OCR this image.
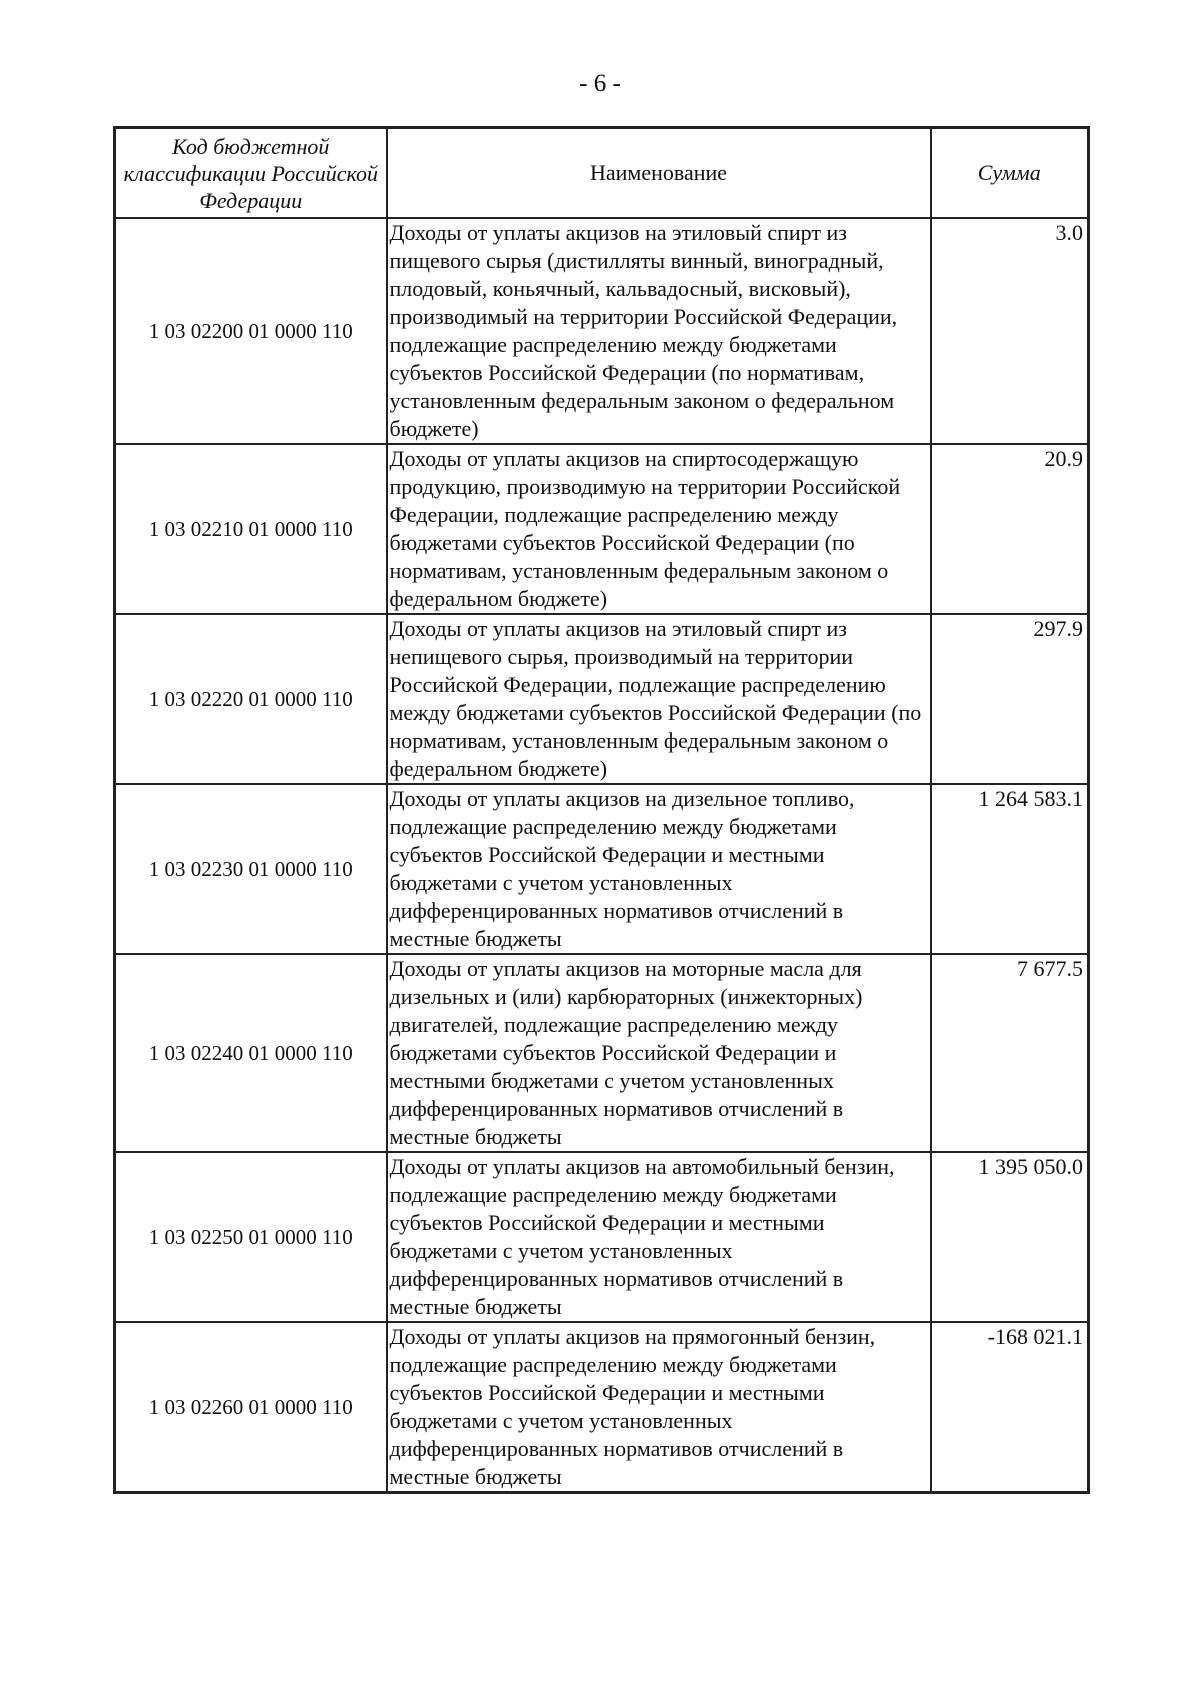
- 6 -
Код бюджетной классификации Российской Федерации	Наименование	Сумма
1 03 02200 01 0000 110	Доходы от уплаты акцизов на этиловый спирт из пищевого сырья (дистилляты винный, виноградный, плодовый, коньячный, кальвадосный, висковый), производимый на территории Российской Федерации, подлежащие распределению между бюджетами субъектов Российской Федерации (по нормативам, установленным федеральным законом о федеральном бюджете)	3.0
1 03 02210 01 0000 110	Доходы от уплаты акцизов на спиртосодержащую продукцию, производимую на территории Российской Федерации, подлежащие распределению между бюджетами субъектов Российской Федерации (по нормативам, установленным федеральным законом о федеральном бюджете)	20.9
1 03 02220 01 0000 110	Доходы от уплаты акцизов на этиловый спирт из непищевого сырья, производимый на территории Российской Федерации, подлежащие распределению между бюджетами субъектов Российской Федерации (по нормативам, установленным федеральным законом о федеральном бюджете)	297.9
1 03 02230 01 0000 110	Доходы от уплаты акцизов на дизельное топливо, подлежащие распределению между бюджетами субъектов Российской Федерации и местными бюджетами с учетом установленных дифференцированных нормативов отчислений в местные бюджеты	1 264 583.1
1 03 02240 01 0000 110	Доходы от уплаты акцизов на моторные масла для дизельных и (или) карбюраторных (инжекторных) двигателей, подлежащие распределению между бюджетами субъектов Российской Федерации и местными бюджетами с учетом установленных дифференцированных нормативов отчислений в местные бюджеты	7 677.5
1 03 02250 01 0000 110	Доходы от уплаты акцизов на автомобильный бензин, подлежащие распределению между бюджетами субъектов Российской Федерации и местными бюджетами с учетом установленных дифференцированных нормативов отчислений в местные бюджеты	1 395 050.0
1 03 02260 01 0000 110	Доходы от уплаты акцизов на прямогонный бензин, подлежащие распределению между бюджетами субъектов Российской Федерации и местными бюджетами с учетом установленных дифференцированных нормативов отчислений в местные бюджеты	-168 021.1
